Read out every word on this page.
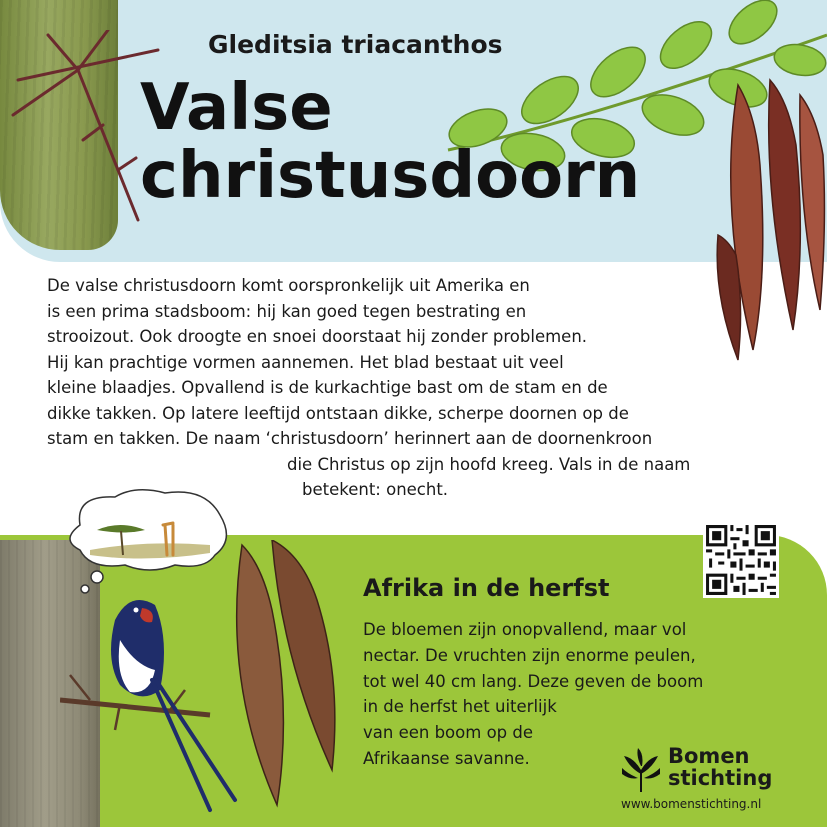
Gleditsia triacanthos
Valse
christusdoorn

De valse christusdoorn komt oorspronkelijk uit Amerika en
is een prima stadsboom: hij kan goed tegen bestrating en
strooizout. Ook droogte en snoei doorstaat hij zonder problemen.
Hij kan prachtige vormen aannemen. Het blad bestaat uit veel
kleine blaadjes. Opvallend is de kurkachtige bast om de stam en de
dikke takken. Op latere leeftijd ontstaan dikke, scherpe doornen op de
stam en takken. De naam ‘christusdoorn’ herinnert aan de doornenkroon
die Christus op zijn hoofd kreeg. Vals in de naam
betekent: onecht.

Afrika in de herfst

De bloemen zijn onopvallend, maar vol
nectar. De vruchten zijn enorme peulen,
tot wel 40 cm lang. Deze geven de boom
in de herfst het uiterlijk
van een boom op de
Afrikaanse savanne.	Bomen
stichting
www.bomenstichting.nl
